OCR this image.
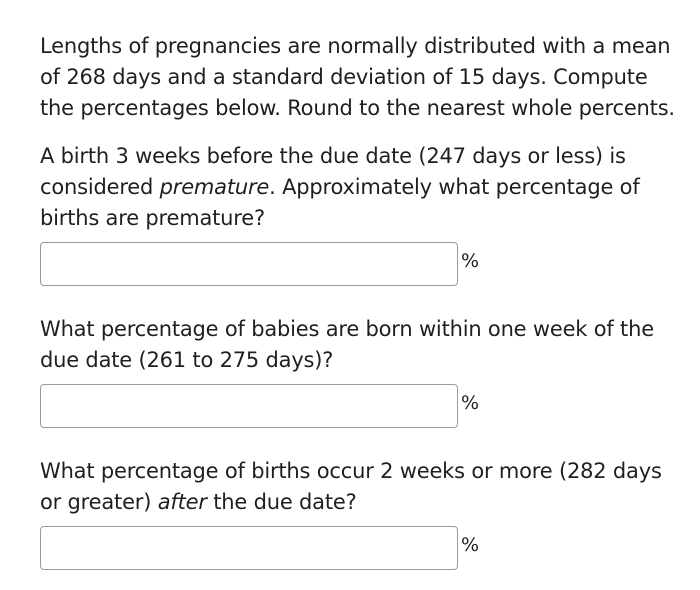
Lengths of pregnancies are normally distributed with a mean of 268 days and a standard deviation of 15 days. Compute the percentages below. Round to the nearest whole percents.

A birth 3 weeks before the due date (247 days or less) is considered premature. Approximately what percentage of births are premature?

%

What percentage of babies are born within one week of the due date (261 to 275 days)?

%

What percentage of births occur 2 weeks or more (282 days or greater) after the due date?

%
